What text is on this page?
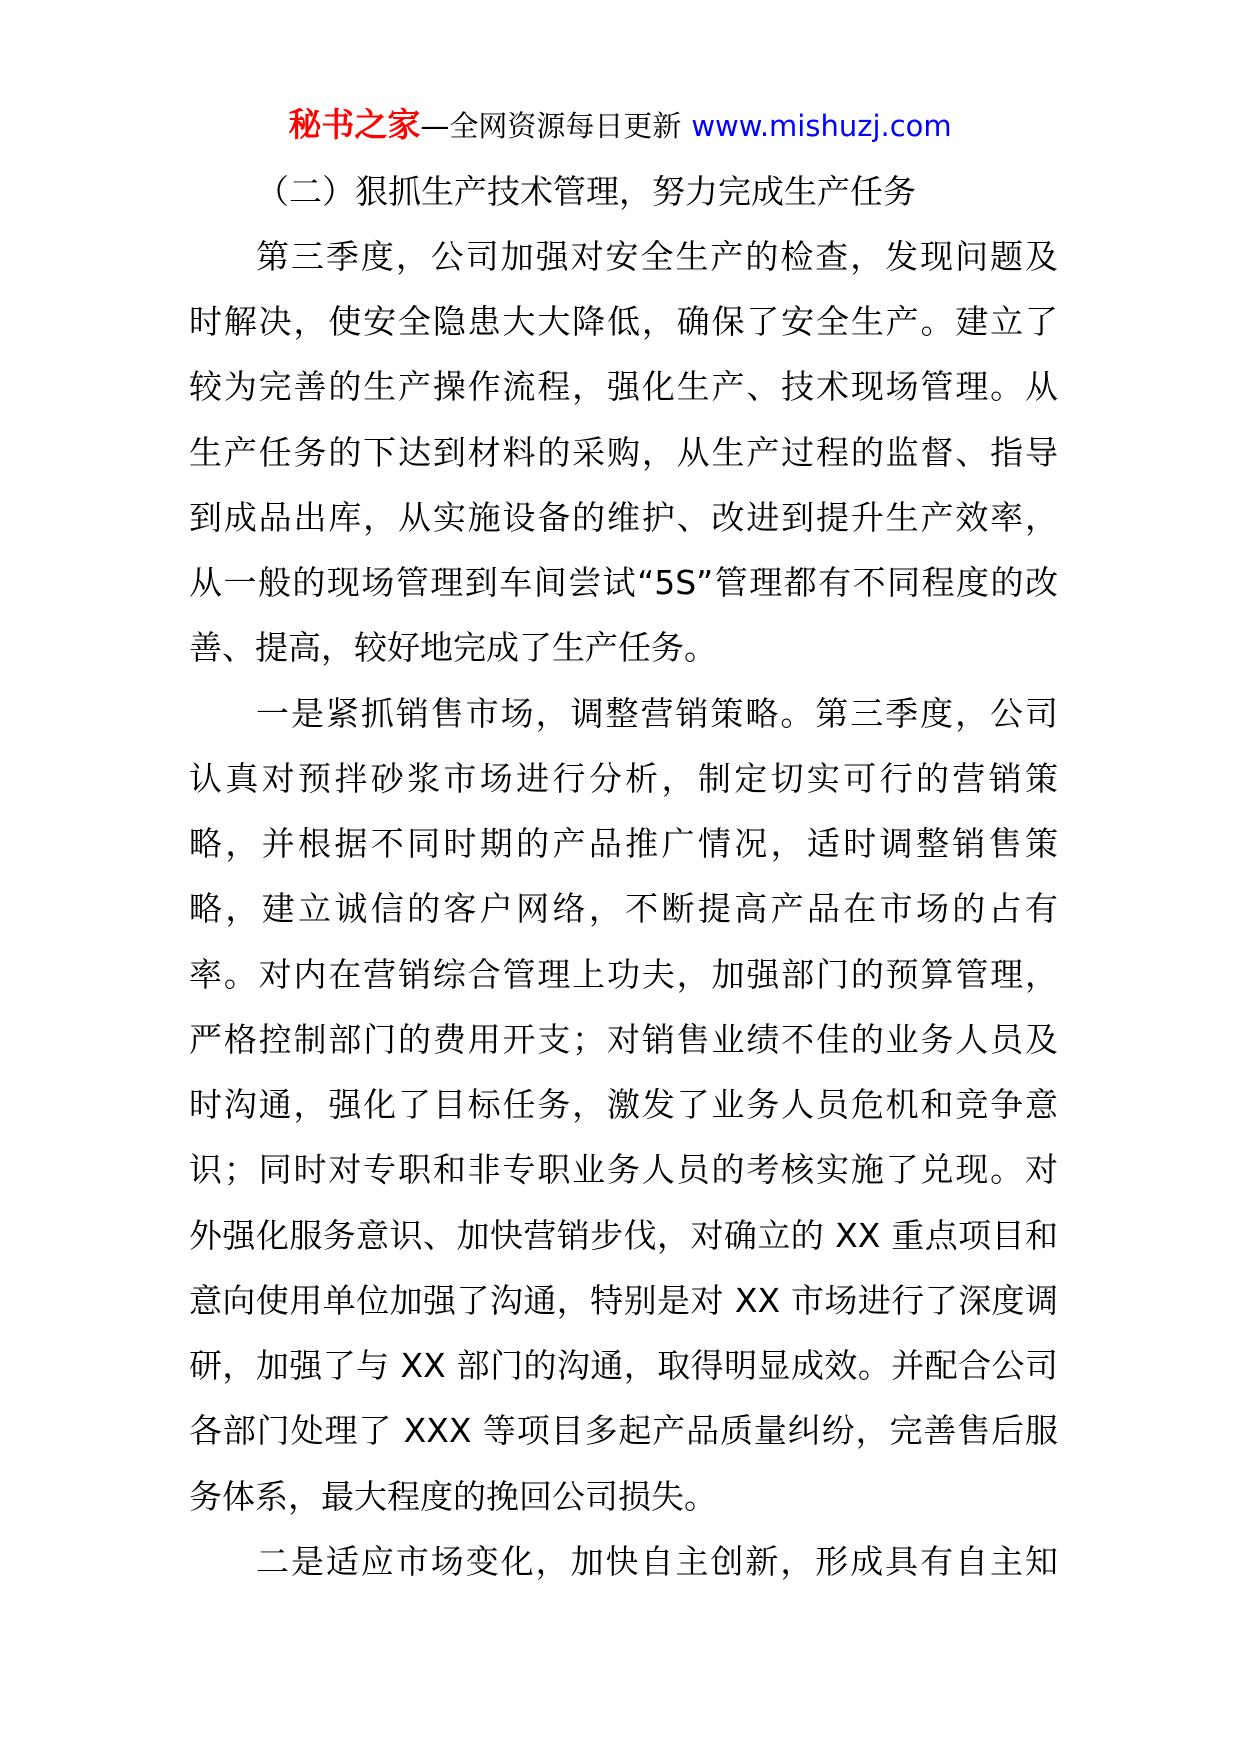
秘书之家—全网资源每日更新 www.mishuzj.com
（二）狠抓生产技术管理，努力完成生产任务
第三季度，公司加强对安全生产的检查，发现问题及
时解决，使安全隐患大大降低，确保了安全生产。建立了
较为完善的生产操作流程，强化生产、技术现场管理。从
生产任务的下达到材料的采购，从生产过程的监督、指导
到成品出库，从实施设备的维护、改进到提升生产效率，
从一般的现场管理到车间尝试“5S”管理都有不同程度的改
善、提高，较好地完成了生产任务。
一是紧抓销售市场，调整营销策略。第三季度，公司
认真对预拌砂浆市场进行分析，制定切实可行的营销策
略，并根据不同时期的产品推广情况，适时调整销售策
略，建立诚信的客户网络，不断提高产品在市场的占有
率。对内在营销综合管理上功夫，加强部门的预算管理，
严格控制部门的费用开支；对销售业绩不佳的业务人员及
时沟通，强化了目标任务，激发了业务人员危机和竞争意
识；同时对专职和非专职业务人员的考核实施了兑现。对
外强化服务意识、加快营销步伐，对确立的 XX 重点项目和
意向使用单位加强了沟通，特别是对 XX 市场进行了深度调
研，加强了与 XX 部门的沟通，取得明显成效。并配合公司
各部门处理了 XXX 等项目多起产品质量纠纷，完善售后服
务体系，最大程度的挽回公司损失。
二是适应市场变化，加快自主创新，形成具有自主知
